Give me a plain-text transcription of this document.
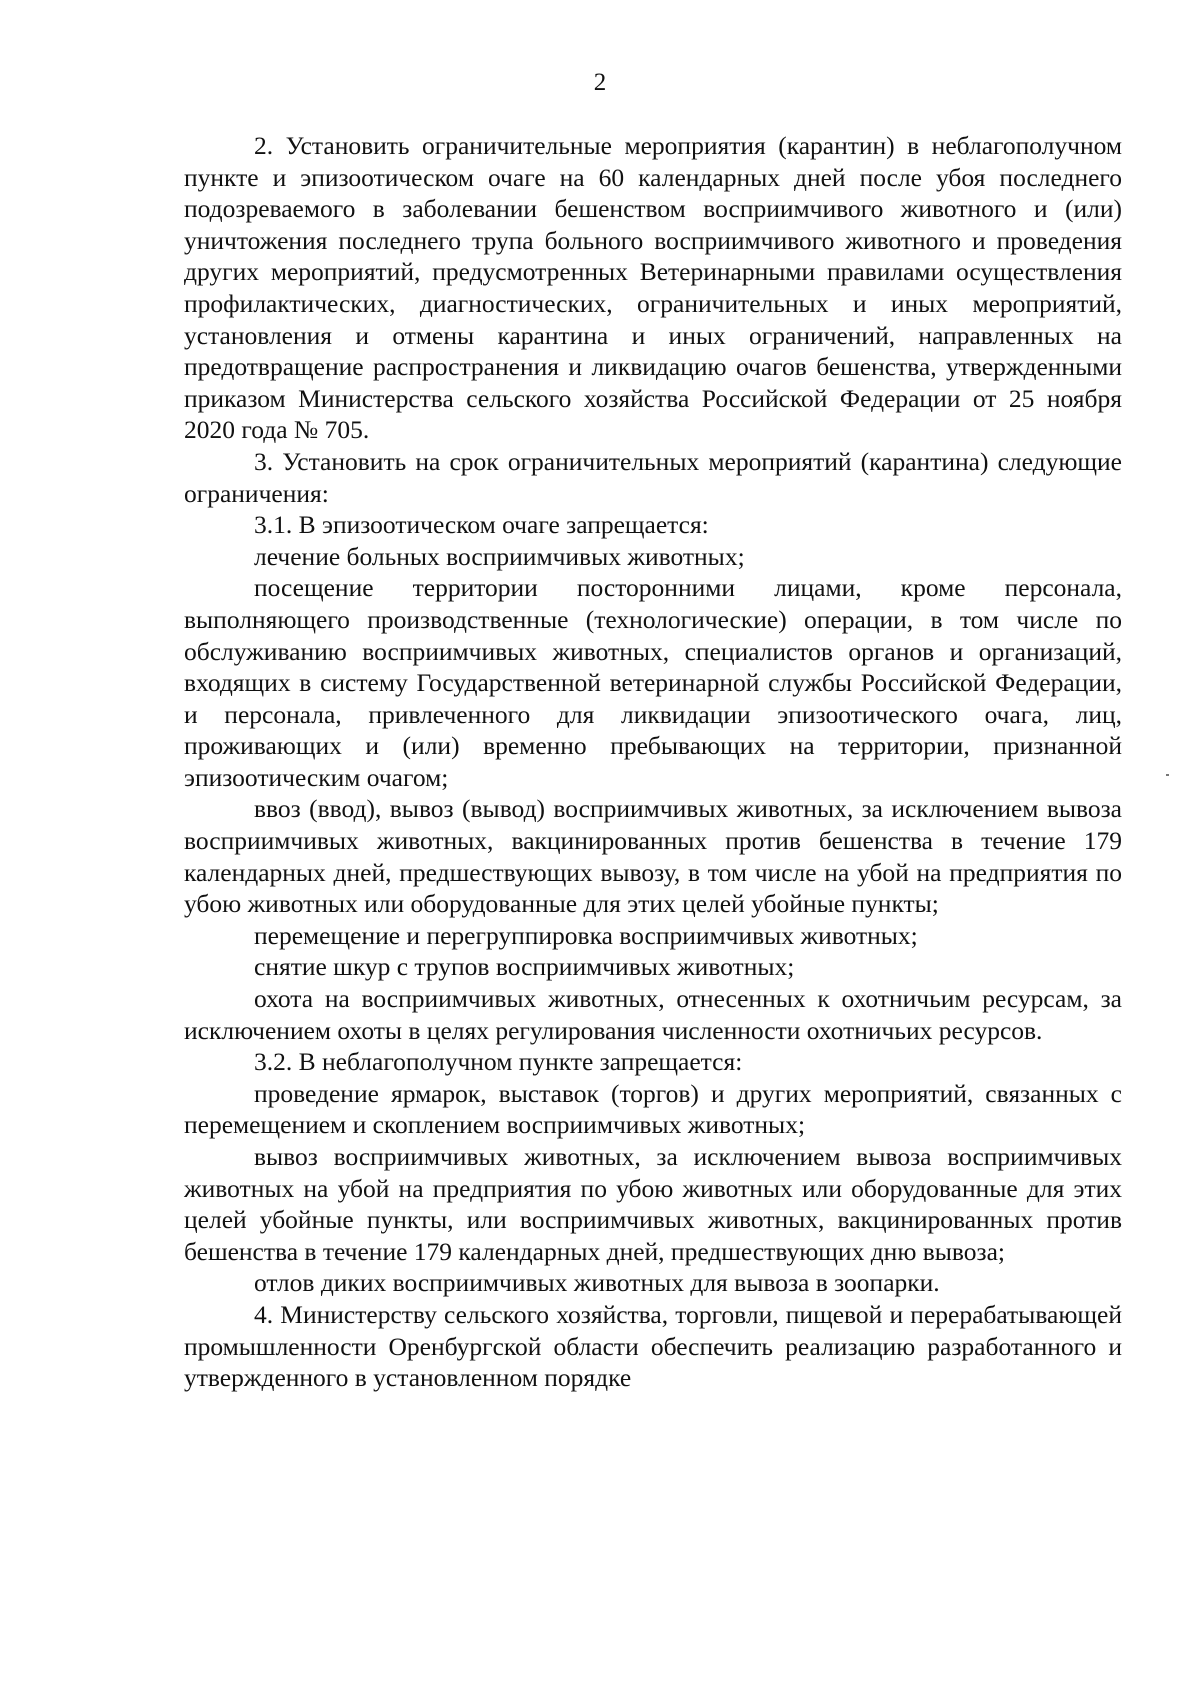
2

2. Установить ограничительные мероприятия (карантин) в неблагополучном пункте и эпизоотическом очаге на 60 календарных дней после убоя последнего подозреваемого в заболевании бешенством восприимчивого животного и (или) уничтожения последнего трупа больного восприимчивого животного и проведения других мероприятий, предусмотренных Ветеринарными правилами осуществления профилактических, диагностических, ограничительных и иных мероприятий, установления и отмены карантина и иных ограничений, направленных на предотвращение распространения и ликвидацию очагов бешенства, утвержденными приказом Министерства сельского хозяйства Российской Федерации от 25 ноября 2020 года № 705.

3. Установить на срок ограничительных мероприятий (карантина) следующие ограничения:

3.1. В эпизоотическом очаге запрещается:

лечение больных восприимчивых животных;

посещение территории посторонними лицами, кроме персонала, выполняющего производственные (технологические) операции, в том числе по обслуживанию восприимчивых животных, специалистов органов и организаций, входящих в систему Государственной ветеринарной службы Российской Федерации, и персонала, привлеченного для ликвидации эпизоотического очага, лиц, проживающих и (или) временно пребывающих на территории, признанной эпизоотическим очагом;

ввоз (ввод), вывоз (вывод) восприимчивых животных, за исключением вывоза восприимчивых животных, вакцинированных против бешенства в течение 179 календарных дней, предшествующих вывозу, в том числе на убой на предприятия по убою животных или оборудованные для этих целей убойные пункты;

перемещение и перегруппировка восприимчивых животных;

снятие шкур с трупов восприимчивых животных;

охота на восприимчивых животных, отнесенных к охотничьим ресурсам, за исключением охоты в целях регулирования численности охотничьих ресурсов.

3.2. В неблагополучном пункте запрещается:

проведение ярмарок, выставок (торгов) и других мероприятий, связанных с перемещением и скоплением восприимчивых животных;

вывоз восприимчивых животных, за исключением вывоза восприимчивых животных на убой на предприятия по убою животных или оборудованные для этих целей убойные пункты, или восприимчивых животных, вакцинированных против бешенства в течение 179 календарных дней, предшествующих дню вывоза;

отлов диких восприимчивых животных для вывоза в зоопарки.

4. Министерству сельского хозяйства, торговли, пищевой и перерабатывающей промышленности Оренбургской области обеспечить реализацию разработанного и утвержденного в установленном порядке
